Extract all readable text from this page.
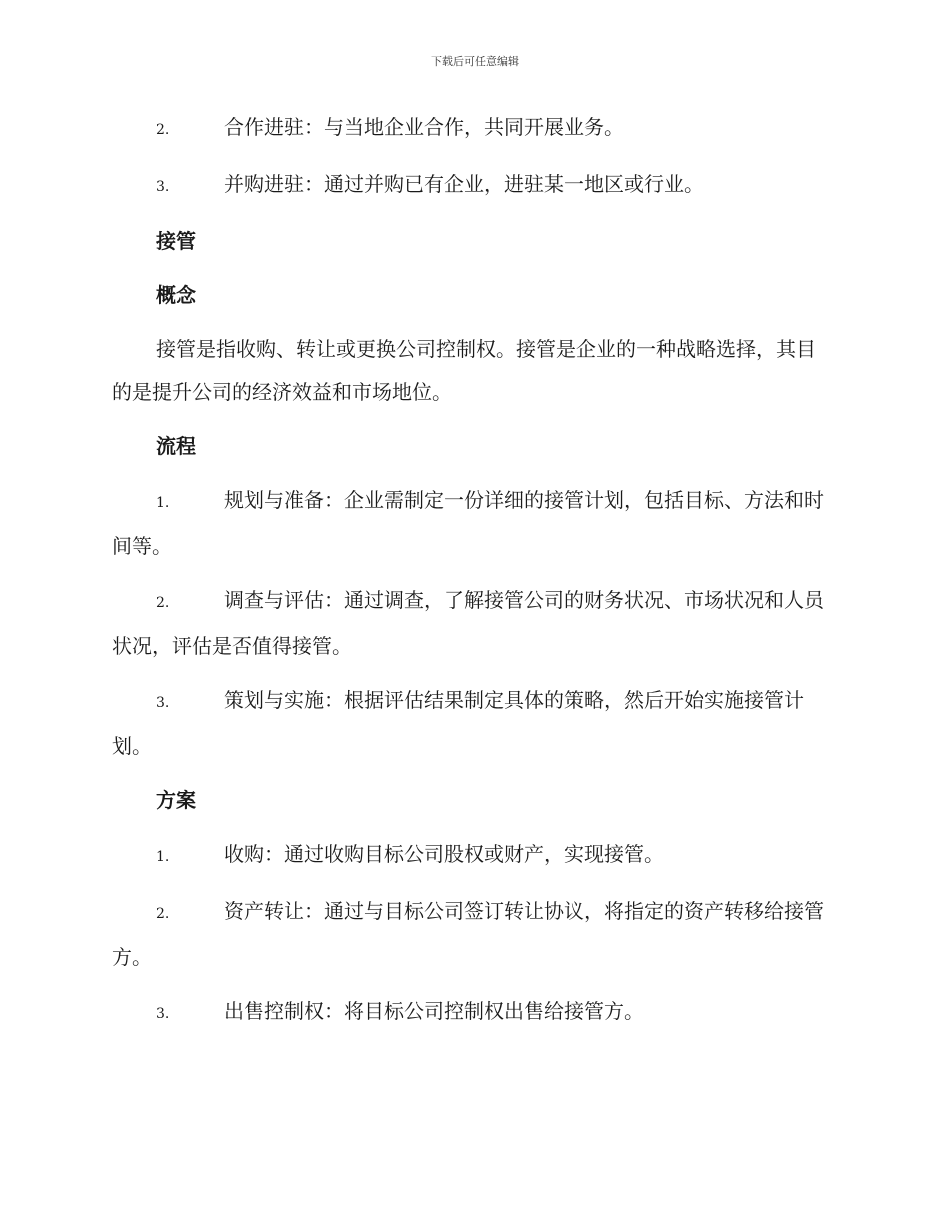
下载后可任意编辑
2.	合作进驻：与当地企业合作，共同开展业务。
3.	并购进驻：通过并购已有企业，进驻某一地区或行业。
接管
概念
接管是指收购、转让或更换公司控制权。接管是企业的一种战略选择，其目的是提升公司的经济效益和市场地位。
流程
1.	规划与准备：企业需制定一份详细的接管计划，包括目标、方法和时间等。
2.	调查与评估：通过调查，了解接管公司的财务状况、市场状况和人员状况，评估是否值得接管。
3.	策划与实施：根据评估结果制定具体的策略，然后开始实施接管计划。
方案
1.	收购：通过收购目标公司股权或财产，实现接管。
2.	资产转让：通过与目标公司签订转让协议，将指定的资产转移给接管方。
3.	出售控制权：将目标公司控制权出售给接管方。
